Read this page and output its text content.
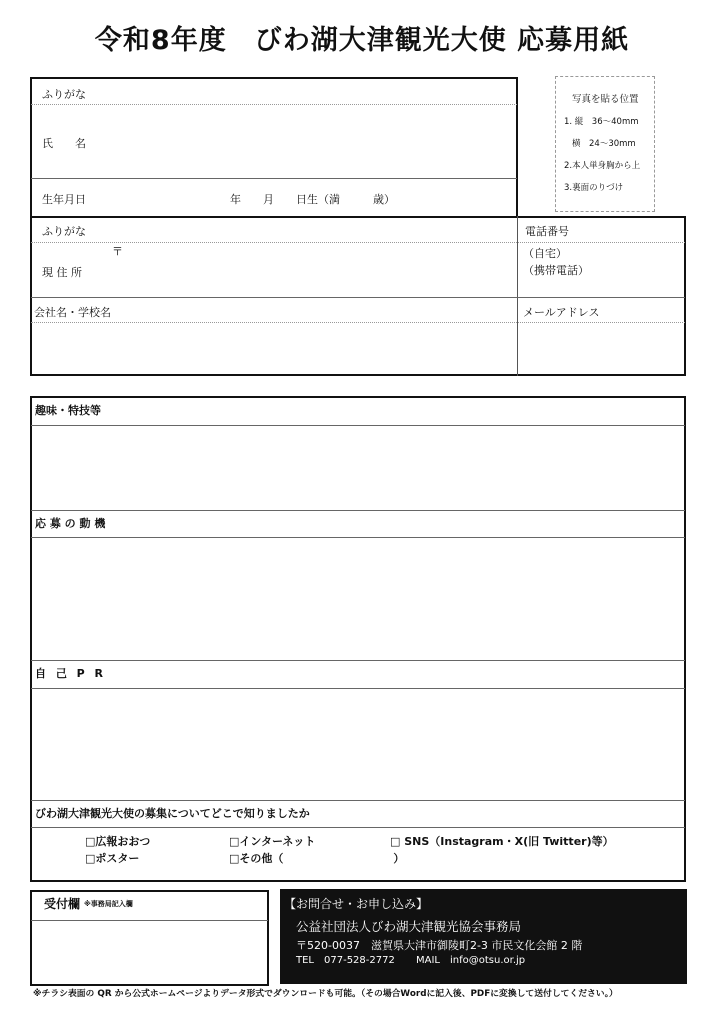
令和8年度　びわ湖大津観光大使 応募用紙
写真を貼る位置
1. 縦　36〜40mm
横　24〜30mm
2.本人単身胸から上
3.裏面のりづけ
ふりがな
氏　　名
生年月日	年　　月　　日生（満　　　歳）
ふりがな	電話番号
〒
現 住 所
（自宅）
（携帯電話）
会社名・学校名	メールアドレス
趣味・特技等
応 募 の 動 機
自 己 P R
びわ湖大津観光大使の募集についてどこで知りましたか
□広報おおつ	□インターネット	□ SNS（Instagram・X(旧 Twitter)等）
□ポスター	□その他（　　　　　　　　　　）
受付欄 ※事務局記入欄	【お問合せ・お申し込み】
公益社団法人びわ湖大津観光協会事務局
〒520-0037　滋賀県大津市御陵町2-3 市民文化会館 2 階
TEL 077-528-2772 MAIL info@otsu.or.jp
※チラシ表面の QR から公式ホームページよりデータ形式でダウンロードも可能。（その場合Wordに記入後、PDFに変換して送付してください。）
